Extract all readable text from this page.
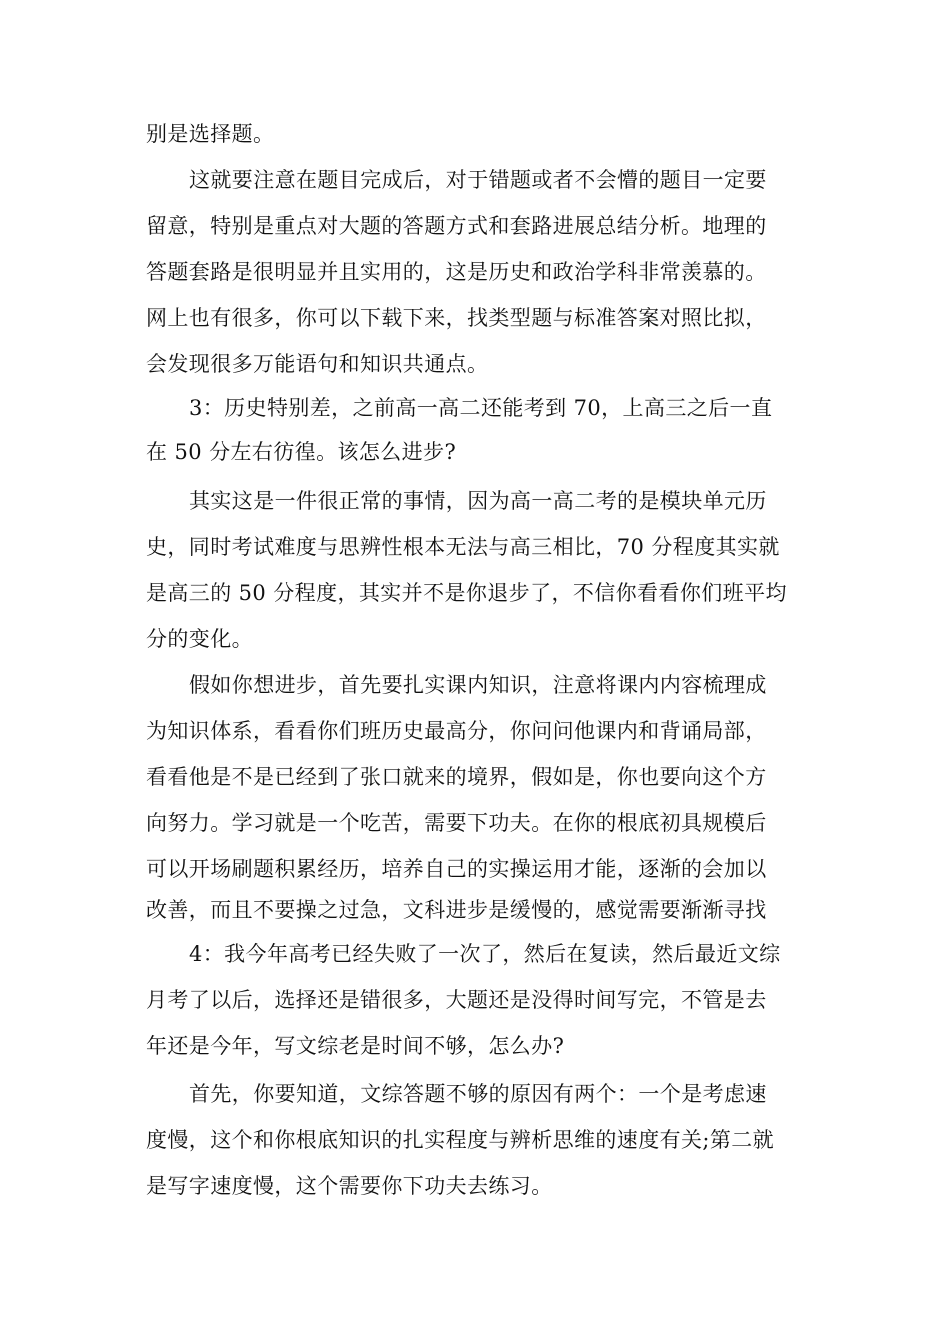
别是选择题。
这就要注意在题目完成后，对于错题或者不会懵的题目一定要
留意，特别是重点对大题的答题方式和套路进展总结分析。地理的
答题套路是很明显并且实用的，这是历史和政治学科非常羡慕的。
网上也有很多，你可以下载下来，找类型题与标准答案对照比拟，
会发现很多万能语句和知识共通点。
3：历史特别差，之前高一高二还能考到 70，上高三之后一直
在 50 分左右彷徨。该怎么进步?
其实这是一件很正常的事情，因为高一高二考的是模块单元历
史，同时考试难度与思辨性根本无法与高三相比，70 分程度其实就
是高三的 50 分程度，其实并不是你退步了，不信你看看你们班平均
分的变化。
假如你想进步，首先要扎实课内知识，注意将课内内容梳理成
为知识体系，看看你们班历史最高分，你问问他课内和背诵局部，
看看他是不是已经到了张口就来的境界，假如是，你也要向这个方
向努力。学习就是一个吃苦，需要下功夫。在你的根底初具规模后
可以开场刷题积累经历，培养自己的实操运用才能，逐渐的会加以
改善，而且不要操之过急，文科进步是缓慢的，感觉需要渐渐寻找
4：我今年高考已经失败了一次了，然后在复读，然后最近文综
月考了以后，选择还是错很多，大题还是没得时间写完，不管是去
年还是今年，写文综老是时间不够，怎么办?
首先，你要知道，文综答题不够的原因有两个：一个是考虑速
度慢，这个和你根底知识的扎实程度与辨析思维的速度有关;第二就
是写字速度慢，这个需要你下功夫去练习。
